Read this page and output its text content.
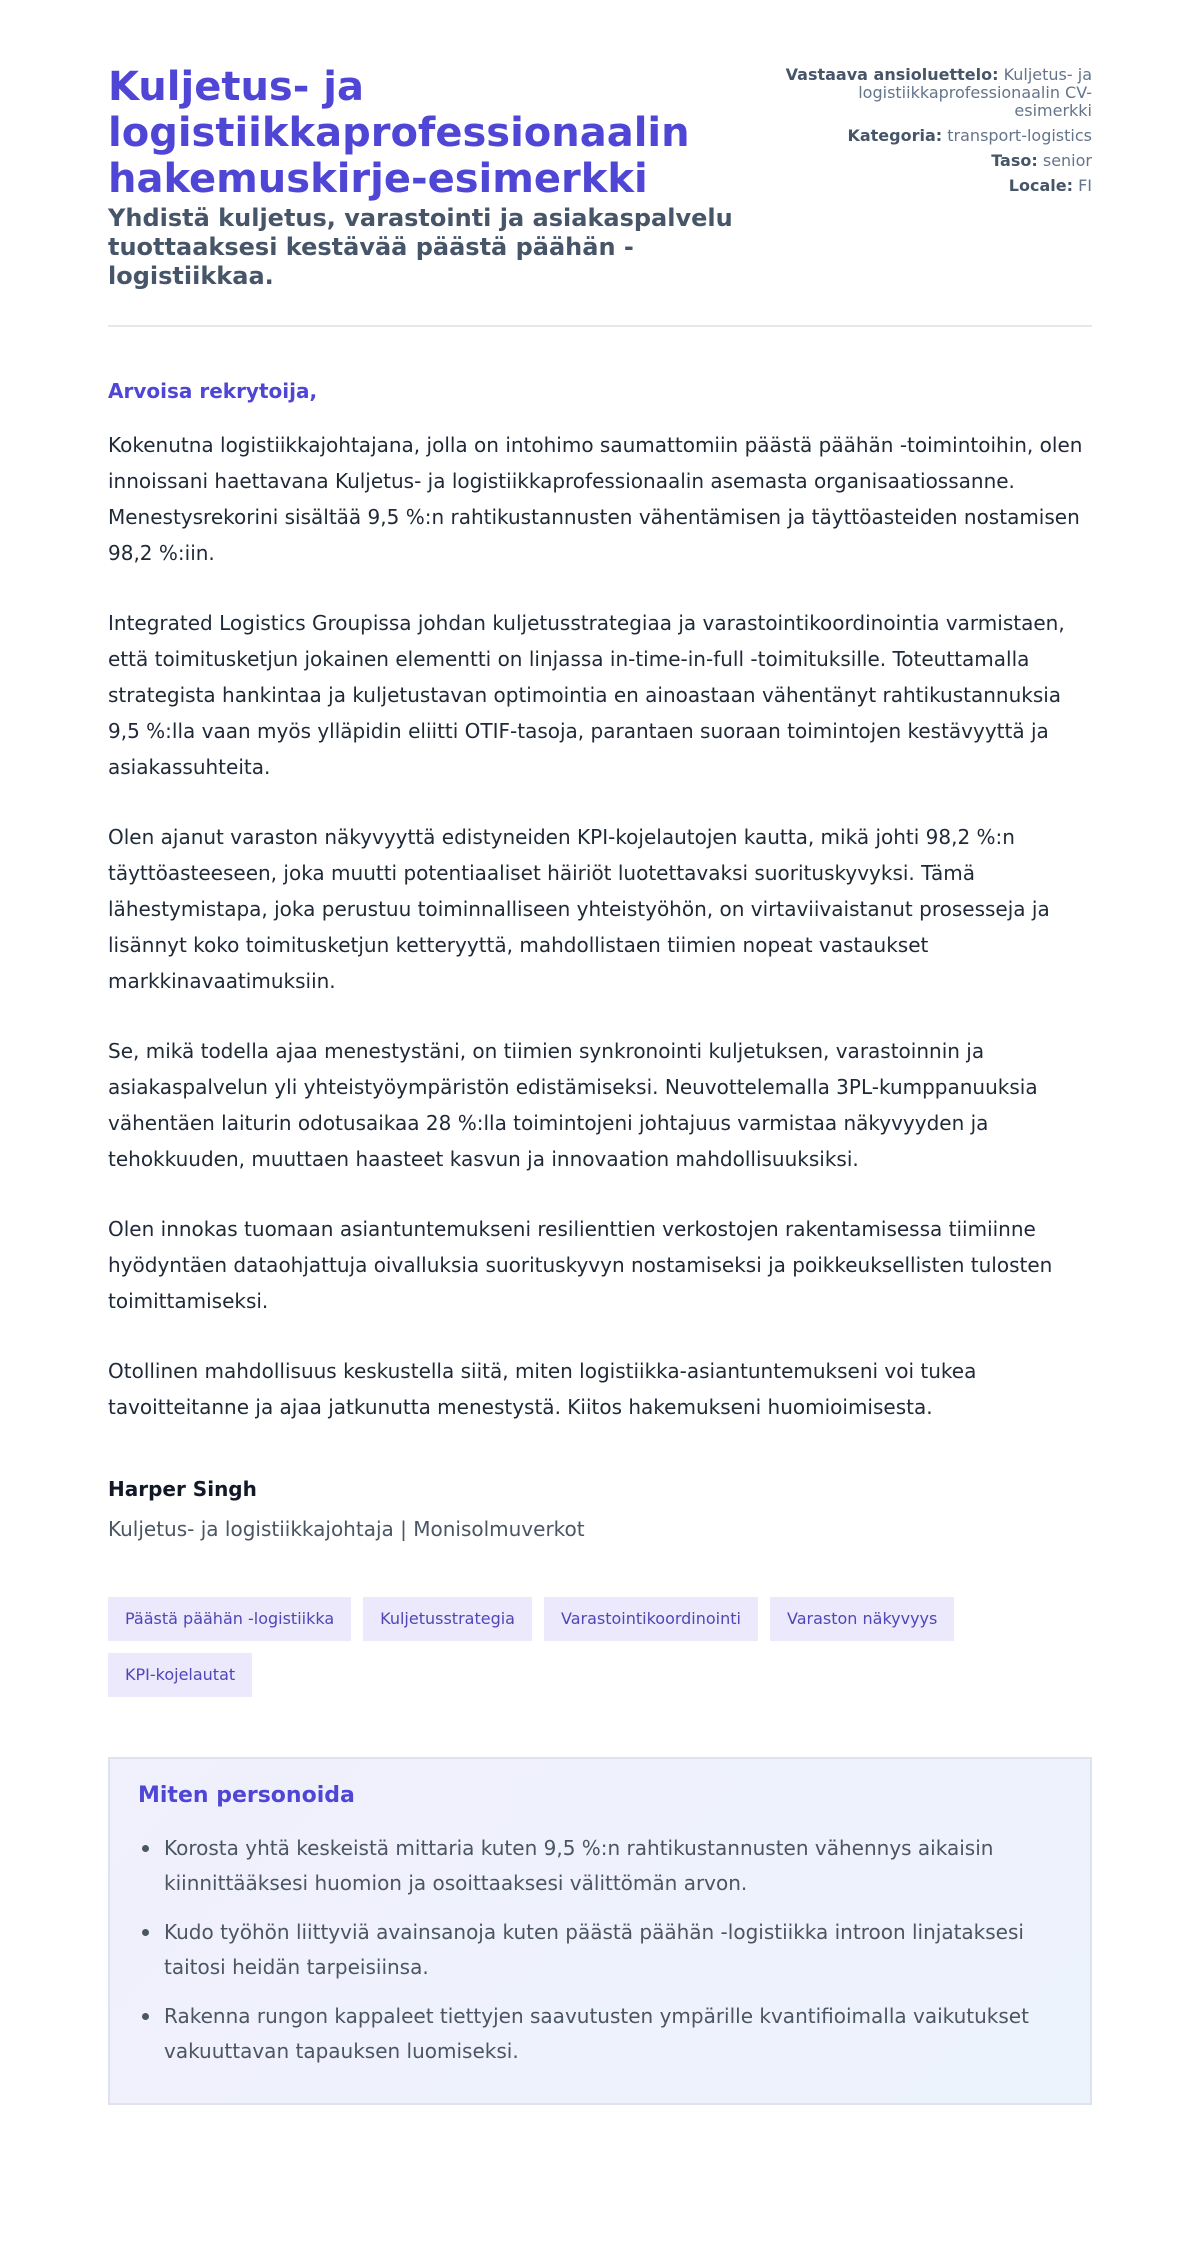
Kuljetus- ja logistiikkaprofessionaalin hakemuskirje-esimerkki
Yhdistä kuljetus, varastointi ja asiakaspalvelu tuottaaksesi kestävää päästä päähän -logistiikkaa.
Vastaava ansioluettelo: Kuljetus- ja logistiikkaprofessionaalin CV-esimerkki
Kategoria: transport-logistics
Taso: senior
Locale: FI

Arvoisa rekrytoija,

Kokenutna logistiikkajohtajana, jolla on intohimo saumattomiin päästä päähän -toimintoihin, olen innoissani haettavana Kuljetus- ja logistiikkaprofessionaalin asemasta organisaatiossanne. Menestysrekorini sisältää 9,5 %:n rahtikustannusten vähentämisen ja täyttöasteiden nostamisen 98,2 %:iin.

Integrated Logistics Groupissa johdan kuljetusstrategiaa ja varastointikoordinointia varmistaen, että toimitusketjun jokainen elementti on linjassa in-time-in-full -toimituksille. Toteuttamalla strategista hankintaa ja kuljetustavan optimointia en ainoastaan vähentänyt rahtikustannuksia 9,5 %:lla vaan myös ylläpidin eliitti OTIF-tasoja, parantaen suoraan toimintojen kestävyyttä ja asiakassuhteita.

Olen ajanut varaston näkyvyyttä edistyneiden KPI-kojelautojen kautta, mikä johti 98,2 %:n täyttöasteeseen, joka muutti potentiaaliset häiriöt luotettavaksi suorituskyvyksi. Tämä lähestymistapa, joka perustuu toiminnalliseen yhteistyöhön, on virtaviivaistanut prosesseja ja lisännyt koko toimitusketjun ketteryyttä, mahdollistaen tiimien nopeat vastaukset markkinavaatimuksiin.

Se, mikä todella ajaa menestystäni, on tiimien synkronointi kuljetuksen, varastoinnin ja asiakaspalvelun yli yhteistyöympäristön edistämiseksi. Neuvottelemalla 3PL-kumppanuuksia vähentäen laiturin odotusaikaa 28 %:lla toimintojeni johtajuus varmistaa näkyvyyden ja tehokkuuden, muuttaen haasteet kasvun ja innovaation mahdollisuuksiksi.

Olen innokas tuomaan asiantuntemukseni resilienttien verkostojen rakentamisessa tiimiinne hyödyntäen dataohjattuja oivalluksia suorituskyvyn nostamiseksi ja poikkeuksellisten tulosten toimittamiseksi.

Otollinen mahdollisuus keskustella siitä, miten logistiikka-asiantuntemukseni voi tukea tavoitteitanne ja ajaa jatkunutta menestystä. Kiitos hakemukseni huomioimisesta.

Harper Singh
Kuljetus- ja logistiikkajohtaja | Monisolmuverkot
Päästä päähän -logistiikka	Kuljetusstrategia	Varastointikoordinointi	Varaston näkyvyys
KPI-kojelautat
Miten personoida
Korosta yhtä keskeistä mittaria kuten 9,5 %:n rahtikustannusten vähennys aikaisin kiinnittääksesi huomion ja osoittaaksesi välittömän arvon.
Kudo työhön liittyviä avainsanoja kuten päästä päähän -logistiikka introon linjataksesi taitosi heidän tarpeisiinsa.
Rakenna rungon kappaleet tiettyjen saavutusten ympärille kvantifioimalla vaikutukset vakuuttavan tapauksen luomiseksi.
